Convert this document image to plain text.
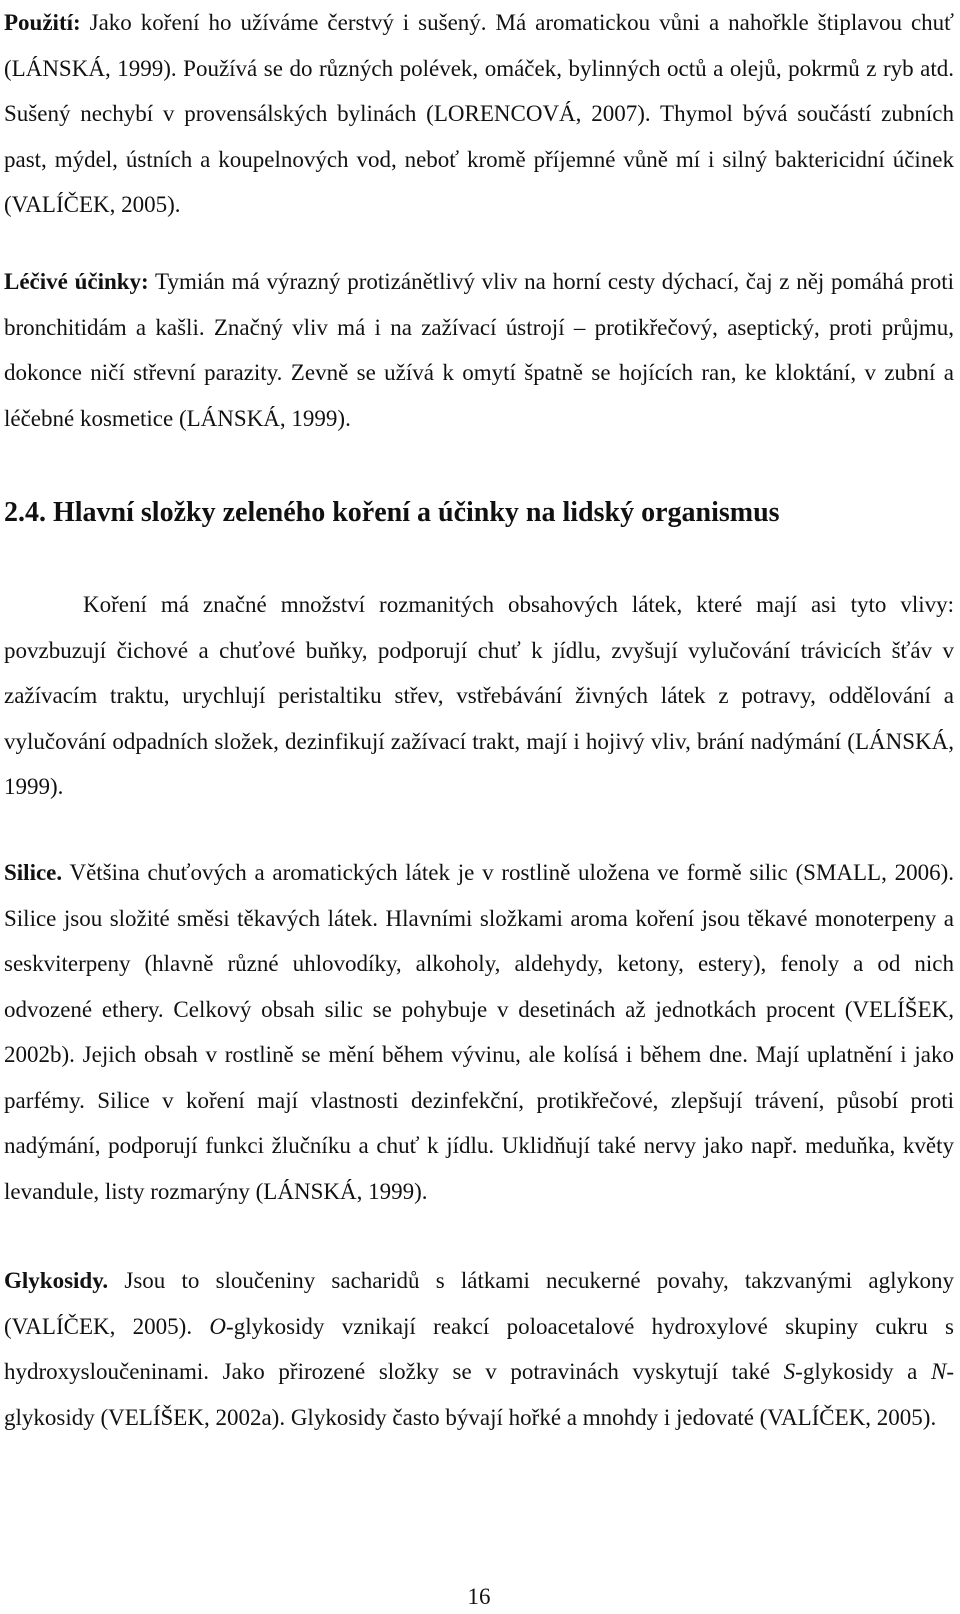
Použití: Jako koření ho užíváme čerstvý i sušený. Má aromatickou vůni a nahořkle štiplavou chuť (LÁNSKÁ, 1999). Používá se do různých polévek, omáček, bylinných octů a olejů, pokrmů z ryb atd. Sušený nechybí v provensálských bylinách (LORENCOVÁ, 2007). Thymol bývá součástí zubních past, mýdel, ústních a koupelnových vod, neboť kromě příjemné vůně mí i silný baktericidní účinek (VALÍČEK, 2005).

Léčivé účinky: Tymián má výrazný protizánětlivý vliv na horní cesty dýchací, čaj z něj pomáhá proti bronchitidám a kašli. Značný vliv má i na zažívací ústrojí – protikřečový, aseptický, proti průjmu, dokonce ničí střevní parazity. Zevně se užívá k omytí špatně se hojících ran, ke kloktání, v zubní a léčebné kosmetice (LÁNSKÁ, 1999).

2.4. Hlavní složky zeleného koření a účinky na lidský organismus

Koření má značné množství rozmanitých obsahových látek, které mají asi tyto vlivy: povzbuzují čichové a chuťové buňky, podporují chuť k jídlu, zvyšují vylučování trávicích šťáv v zažívacím traktu, urychlují peristaltiku střev, vstřebávání živných látek z potravy, oddělování a vylučování odpadních složek, dezinfikují zažívací trakt, mají i hojivý vliv, brání nadýmání (LÁNSKÁ, 1999).

Silice. Většina chuťových a aromatických látek je v rostlině uložena ve formě silic (SMALL, 2006). Silice jsou složité směsi těkavých látek. Hlavními složkami aroma koření jsou těkavé monoterpeny a seskviterpeny (hlavně různé uhlovodíky, alkoholy, aldehydy, ketony, estery), fenoly a od nich odvozené ethery. Celkový obsah silic se pohybuje v desetinách až jednotkách procent (VELÍŠEK, 2002b). Jejich obsah v rostlině se mění během vývinu, ale kolísá i během dne. Mají uplatnění i jako parfémy. Silice v koření mají vlastnosti dezinfekční, protikřečové, zlepšují trávení, působí proti nadýmání, podporují funkci žlučníku a chuť k jídlu. Uklidňují také nervy jako např. meduňka, květy levandule, listy rozmarýny (LÁNSKÁ, 1999).

Glykosidy. Jsou to sloučeniny sacharidů s látkami necukerné povahy, takzvanými aglykony (VALÍČEK, 2005). O-glykosidy vznikají reakcí poloacetalové hydroxylové skupiny cukru s hydroxysloučeninami. Jako přirozené složky se v potravinách vyskytují také S-glykosidy a N-glykosidy (VELÍŠEK, 2002a). Glykosidy často bývají hořké a mnohdy i jedovaté (VALÍČEK, 2005).

16
